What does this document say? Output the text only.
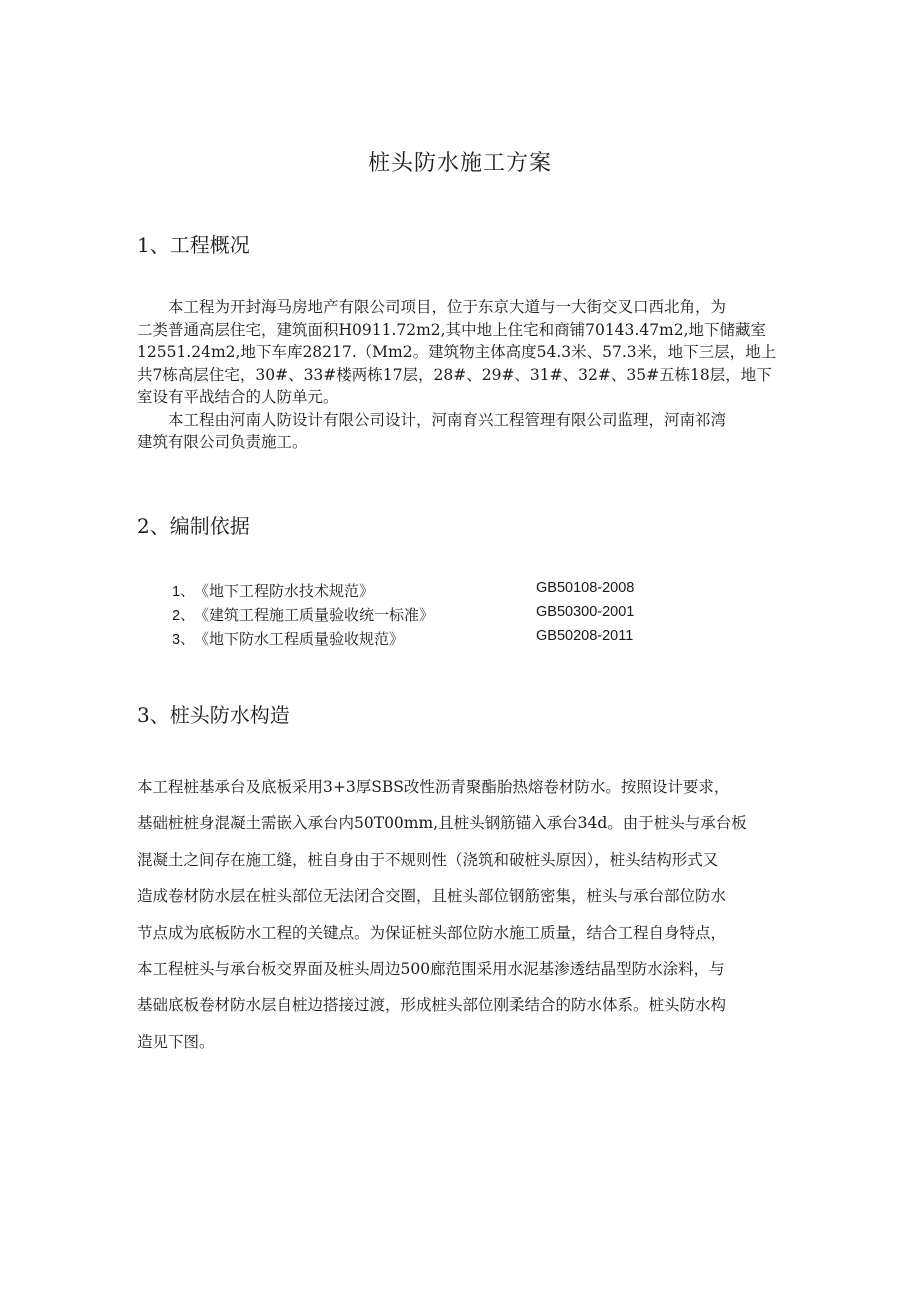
桩头防水施工方案
1、工程概况
　　本工程为开封海马房地产有限公司项目，位于东京大道与一大街交叉口西北角，为
二类普通高层住宅，建筑面积H0911.72m2,其中地上住宅和商铺70143.47m2,地下储藏室
12551.24m2,地下车库28217.（Mm2。建筑物主体高度54.3米、57.3米，地下三层，地上
共7栋高层住宅，30#、33#楼两栋17层，28#、29#、31#、32#、35#五栋18层，地下
室设有平战结合的人防单元。
　　本工程由河南人防设计有限公司设计，河南育兴工程管理有限公司监理，河南祁湾
建筑有限公司负责施工。
2、编制依据
1、 《地下工程防水技术规范》	GB50108-2008
2、 《建筑工程施工质量验收统一标准》	GB50300-2001
3、 《地下防水工程质量验收规范》	GB50208-2011
3、桩头防水构造
本工程桩基承台及底板采用3+3厚SBS改性沥青聚酯胎热熔卷材防水。按照设计要求，
基础桩桩身混凝土需嵌入承台内50T00mm,且桩头钢筋锚入承台34d。由于桩头与承台板
混凝土之间存在施工缝，桩自身由于不规则性（浇筑和破桩头原因），桩头结构形式又
造成卷材防水层在桩头部位无法闭合交圈，且桩头部位钢筋密集，桩头与承台部位防水
节点成为底板防水工程的关键点。为保证桩头部位防水施工质量，结合工程自身特点，
本工程桩头与承台板交界面及桩头周边500廊范围采用水泥基渗透结晶型防水涂料，与
基础底板卷材防水层自桩边搭接过渡，形成桩头部位刚柔结合的防水体系。桩头防水构
造见下图。
